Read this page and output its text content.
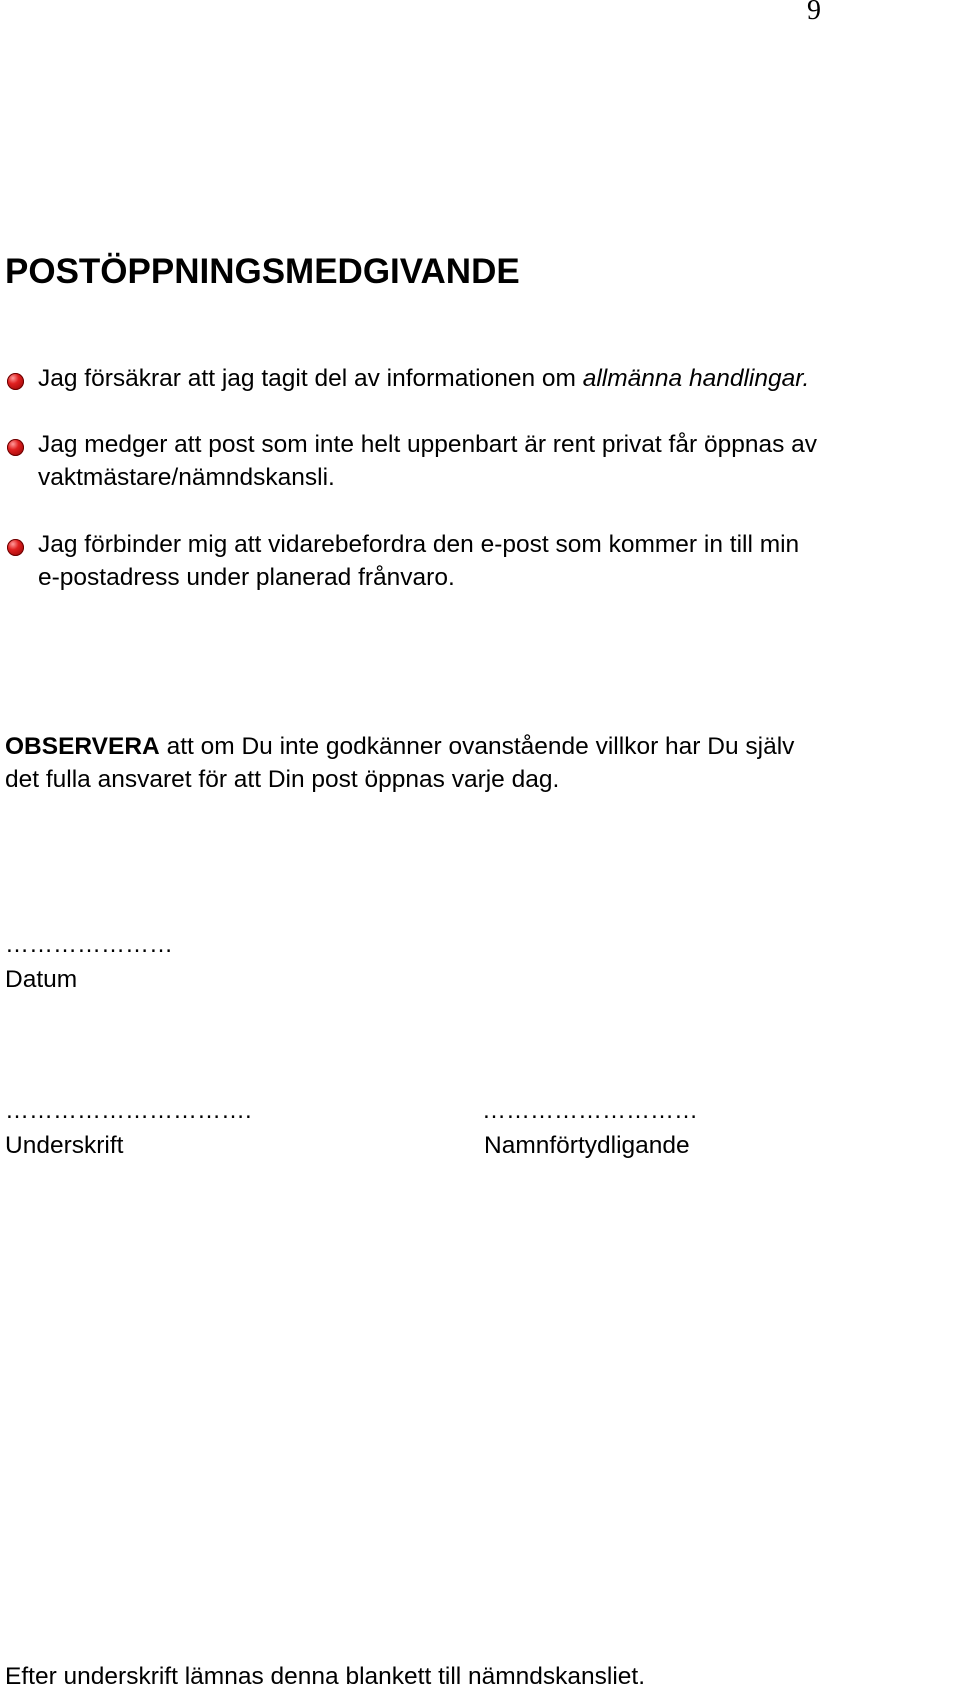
9
POSTÖPPNINGSMEDGIVANDE
Jag försäkrar att jag tagit del av informationen om allmänna handlingar.
Jag medger att post som inte helt uppenbart är rent privat får öppnas av
vaktmästare/nämndskansli.
Jag förbinder mig att vidarebefordra den e-post som kommer in till min
e-postadress under planerad frånvaro.
OBSERVERA att om Du inte godkänner ovanstående villkor har Du själv
det fulla ansvaret för att Din post öppnas varje dag.
…………………
Datum
………………………….
Underskrift
………………………
Namnförtydligande
Efter underskrift lämnas denna blankett till nämndskansliet.
